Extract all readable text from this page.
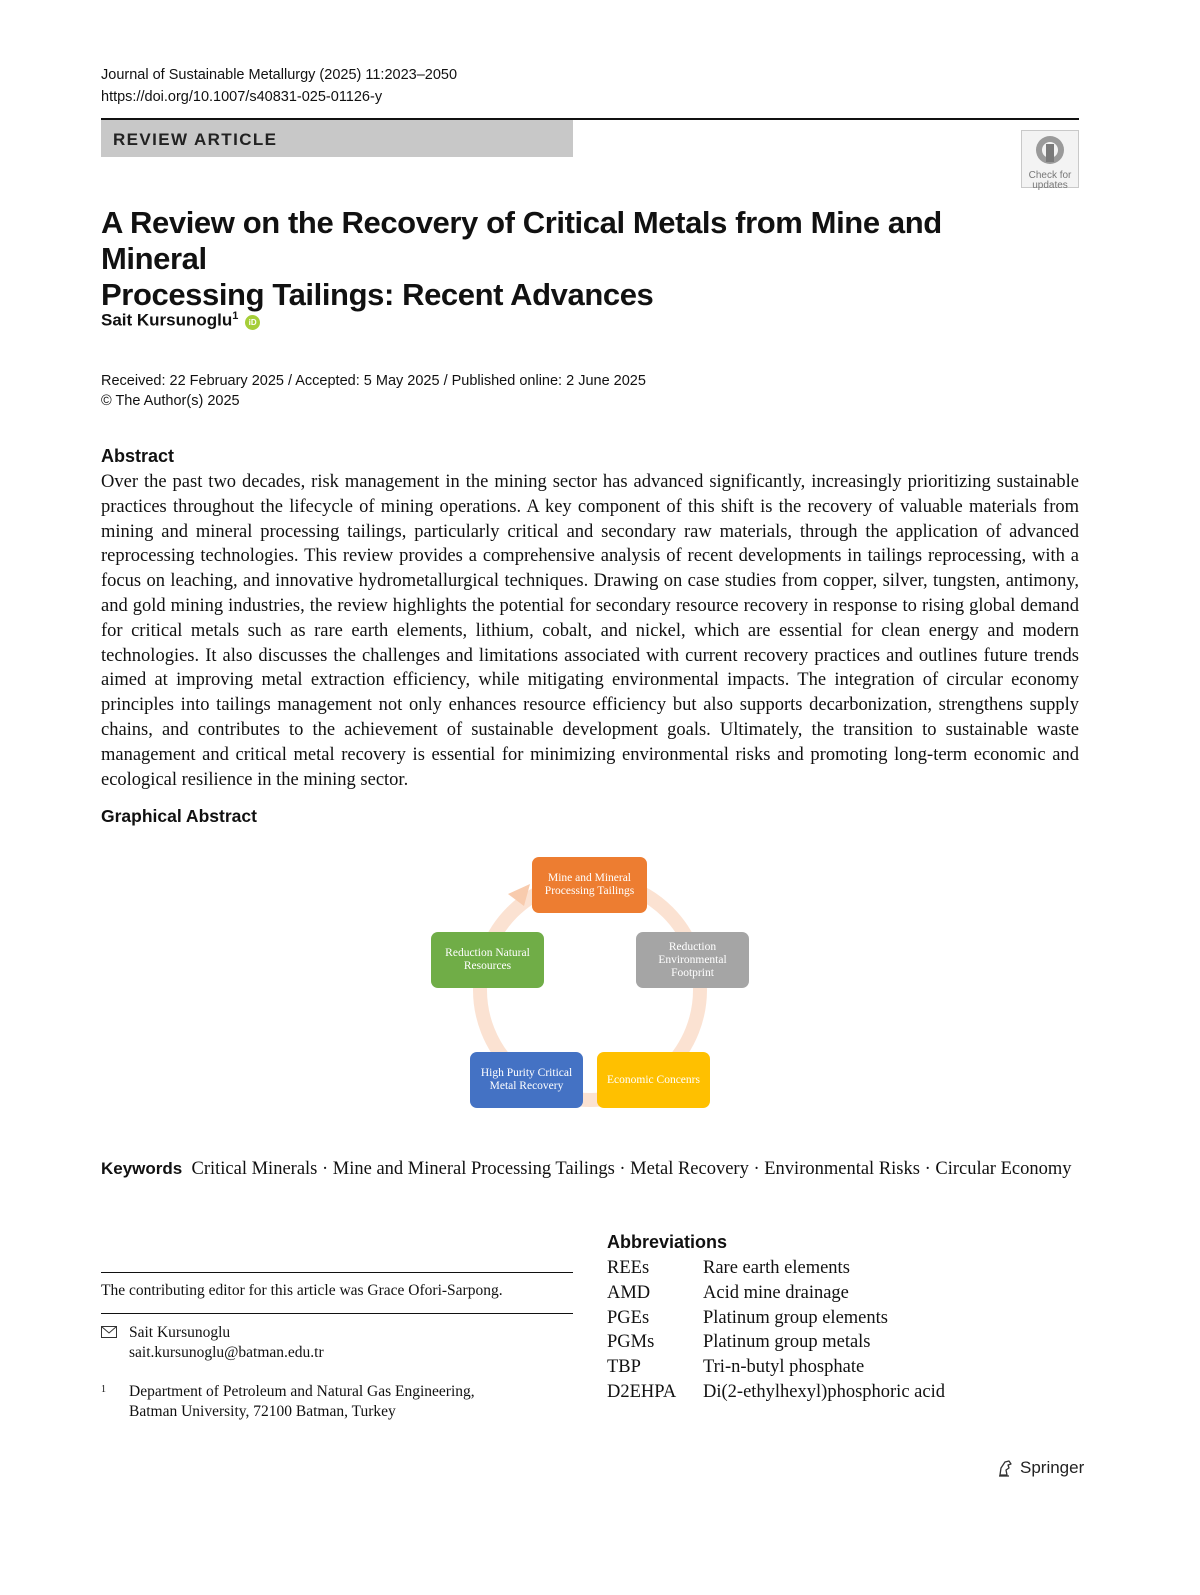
Journal of Sustainable Metallurgy (2025) 11:2023–2050
https://doi.org/10.1007/s40831-025-01126-y
REVIEW ARTICLE
Check for
updates
A Review on the Recovery of Critical Metals from Mine and Mineral
Processing Tailings: Recent Advances
Sait Kursunoglu$^1$ iD
Received: 22 February 2025 / Accepted: 5 May 2025 / Published online: 2 June 2025
© The Author(s) 2025
Abstract
Over the past two decades, risk management in the mining sector has advanced significantly, increasingly prioritizing sustainable practices throughout the lifecycle of mining operations. A key component of this shift is the recovery of valuable materials from mining and mineral processing tailings, particularly critical and secondary raw materials, through the application of advanced reprocessing technologies. This review provides a comprehensive analysis of recent developments in tailings reprocessing, with a focus on leaching, and innovative hydrometallurgical techniques. Drawing on case studies from copper, silver, tungsten, antimony, and gold mining industries, the review highlights the potential for secondary resource recovery in response to rising global demand for critical metals such as rare earth elements, lithium, cobalt, and nickel, which are essential for clean energy and modern technologies. It also discusses the challenges and limitations associated with current recovery practices and outlines future trends aimed at improving metal extraction efficiency, while mitigating environmental impacts. The integration of circular economy principles into tailings management not only enhances resource efficiency but also supports decarbonization, strengthens supply chains, and contributes to the achievement of sustainable development goals. Ultimately, the transition to sustainable waste management and critical metal recovery is essential for minimizing environmental risks and promoting long-term economic and ecological resilience in the mining sector.
Graphical Abstract
Mine and Mineral
Processing Tailings
Reduction
Environmental
Footprint
Economic Concenrs
High Purity Critical
Metal Recovery
Reduction Natural
Resources
Keywords Critical Minerals · Mine and Mineral Processing Tailings · Metal Recovery · Environmental Risks · Circular Economy
The contributing editor for this article was Grace Ofori-Sarpong.
Sait Kursunoglu
sait.kursunoglu@batman.edu.tr
1 Department of Petroleum and Natural Gas Engineering,
Batman University, 72100 Batman, Turkey
Abbreviations
REEs	Rare earth elements
AMD	Acid mine drainage
PGEs	Platinum group elements
PGMs	Platinum group metals
TBP	Tri-n-butyl phosphate
D2EHPA	Di(2-ethylhexyl)phosphoric acid
Springer
